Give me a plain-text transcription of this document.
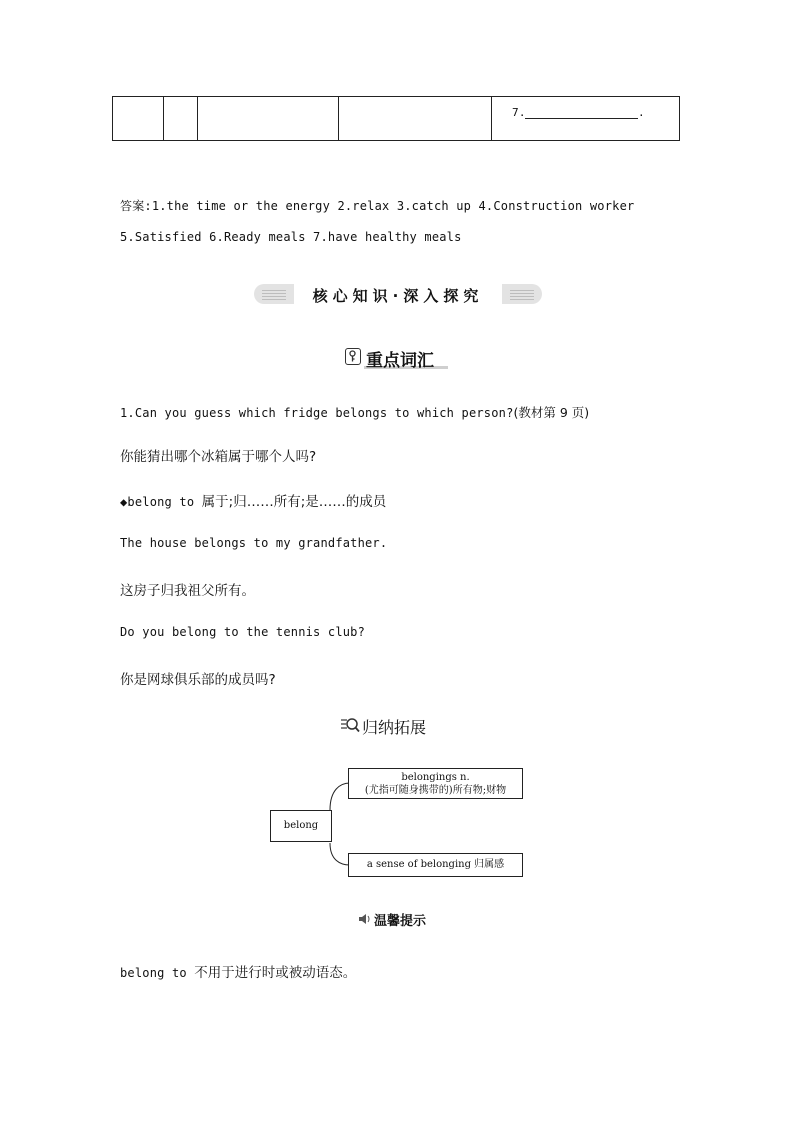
7.	.
答案:1.the time or the energy 2.relax 3.catch up 4.Construction worker
5.Satisfied 6.Ready meals 7.have healthy meals
核心知识·深入探究
重点词汇
1.Can you guess which fridge belongs to which person?(教材第 9 页)
你能猜出哪个冰箱属于哪个人吗?
◆belong to 属于;归……所有;是……的成员
The house belongs to my grandfather.
这房子归我祖父所有。
Do you belong to the tennis club?
你是网球俱乐部的成员吗?
归纳拓展
belong
belongings n.
(尤指可随身携带的)所有物;财物
a sense of belonging 归属感
温馨提示
belong to 不用于进行时或被动语态。
